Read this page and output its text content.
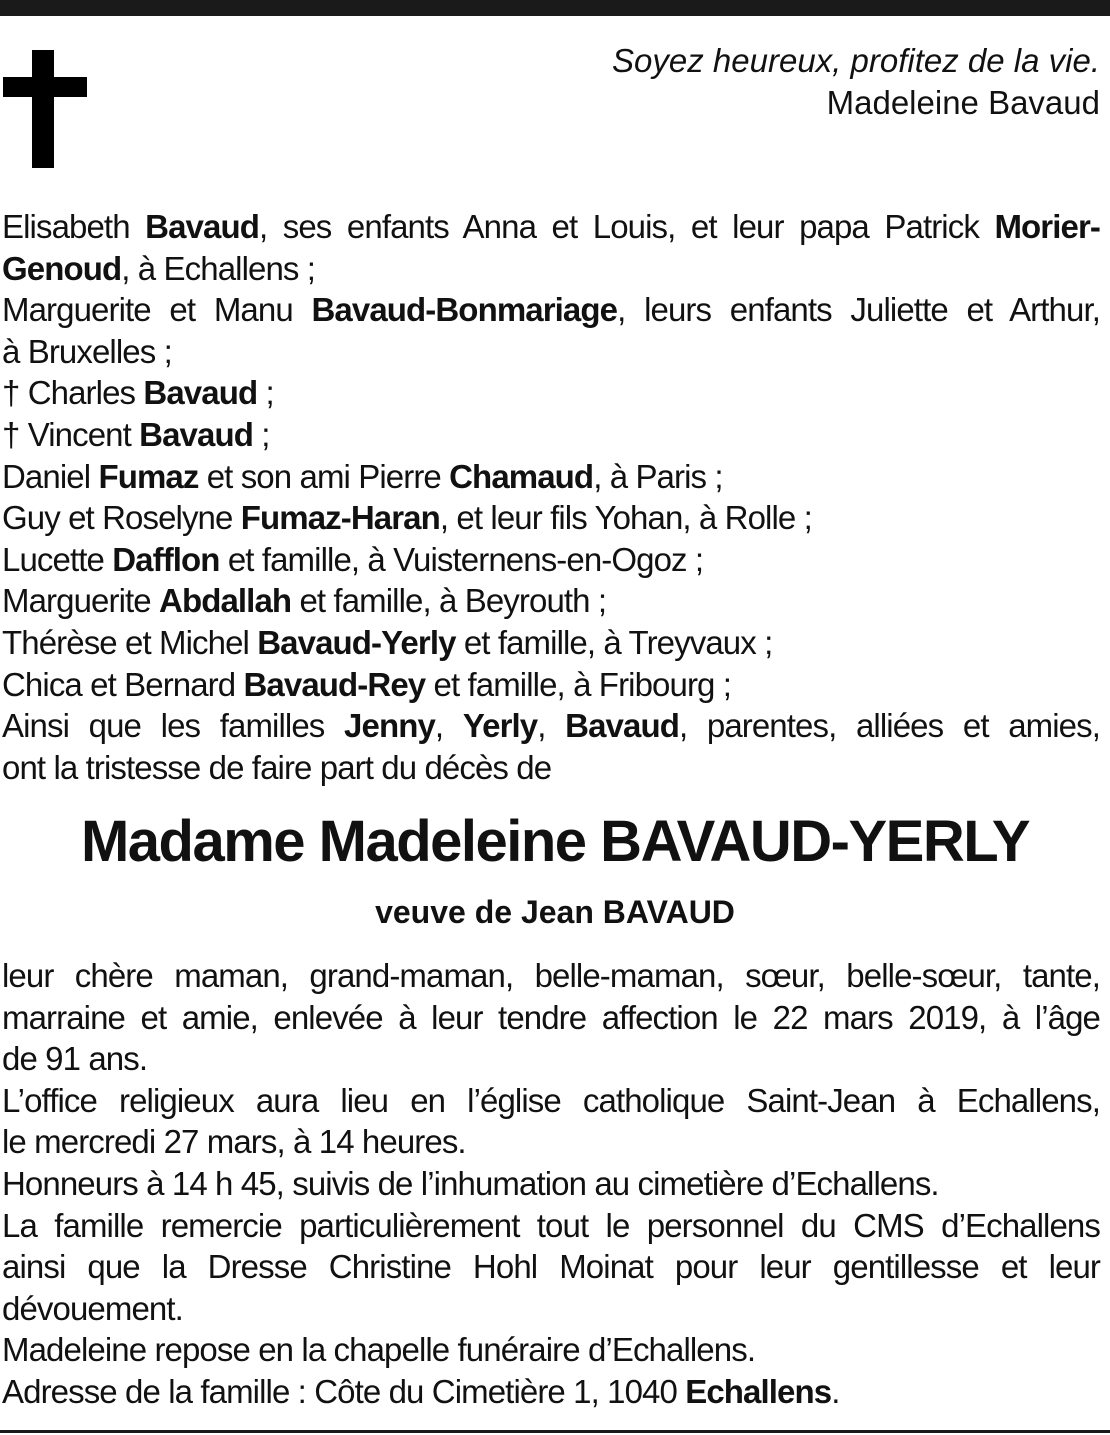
Soyez heureux, profitez de la vie.
Madeleine Bavaud
Elisabeth Bavaud, ses enfants Anna et Louis, et leur papa Patrick Morier-
Genoud, à Echallens ;
Marguerite et Manu Bavaud-Bonmariage, leurs enfants Juliette et Arthur,
à Bruxelles ;
† Charles Bavaud ;
† Vincent Bavaud ;
Daniel Fumaz et son ami Pierre Chamaud, à Paris ;
Guy et Roselyne Fumaz-Haran, et leur fils Yohan, à Rolle ;
Lucette Dafflon et famille, à Vuisternens-en-Ogoz ;
Marguerite Abdallah et famille, à Beyrouth ;
Thérèse et Michel Bavaud-Yerly et famille, à Treyvaux ;
Chica et Bernard Bavaud-Rey et famille, à Fribourg ;
Ainsi que les familles Jenny, Yerly, Bavaud, parentes, alliées et amies,
ont la tristesse de faire part du décès de
Madame Madeleine BAVAUD-YERLY
veuve de Jean BAVAUD
leur chère maman, grand-maman, belle-maman, sœur, belle-sœur, tante,
marraine et amie, enlevée à leur tendre affection le 22 mars 2019, à l’âge
de 91 ans.
L’office religieux aura lieu en l’église catholique Saint-Jean à Echallens,
le mercredi 27 mars, à 14 heures.
Honneurs à 14 h 45, suivis de l’inhumation au cimetière d’Echallens.
La famille remercie particulièrement tout le personnel du CMS d’Echallens
ainsi que la Dresse Christine Hohl Moinat pour leur gentillesse et leur
dévouement.
Madeleine repose en la chapelle funéraire d’Echallens.
Adresse de la famille : Côte du Cimetière 1, 1040 Echallens.
